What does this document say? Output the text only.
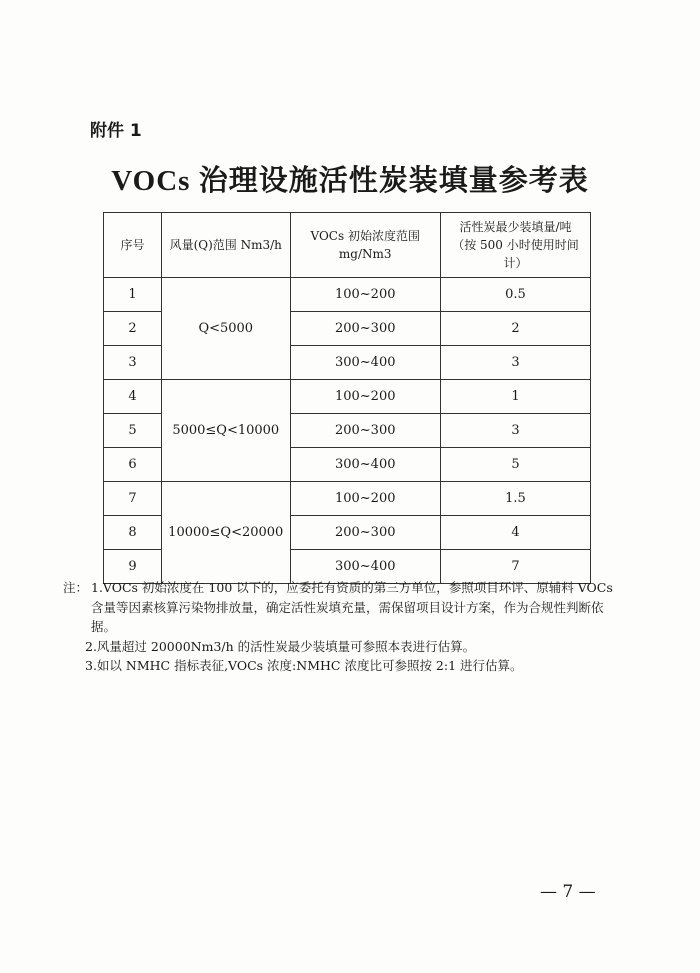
附件 1
VOCs 治理设施活性炭装填量参考表
序号	风量(Q)范围 Nm3/h	VOCs 初始浓度范围 mg/Nm3	活性炭最少装填量/吨（按 500 小时使用时间计）
1	Q<5000	100~200	0.5
2		200~300	2
3		300~400	3
4	5000≤Q<10000	100~200	1
5		200~300	3
6		300~400	5
7	10000≤Q<20000	100~200	1.5
8		200~300	4
9		300~400	7
注： 1.VOCs 初始浓度在 100 以下的，应委托有资质的第三方单位，参照项目环评、原辅料 VOCs 含量等因素核算污染物排放量，确定活性炭填充量，需保留项目设计方案，作为合规性判断依据。
2.风量超过 20000Nm3/h 的活性炭最少装填量可参照本表进行估算。
3.如以 NMHC 指标表征,VOCs 浓度:NMHC 浓度比可参照按 2:1 进行估算。
— 7 —
